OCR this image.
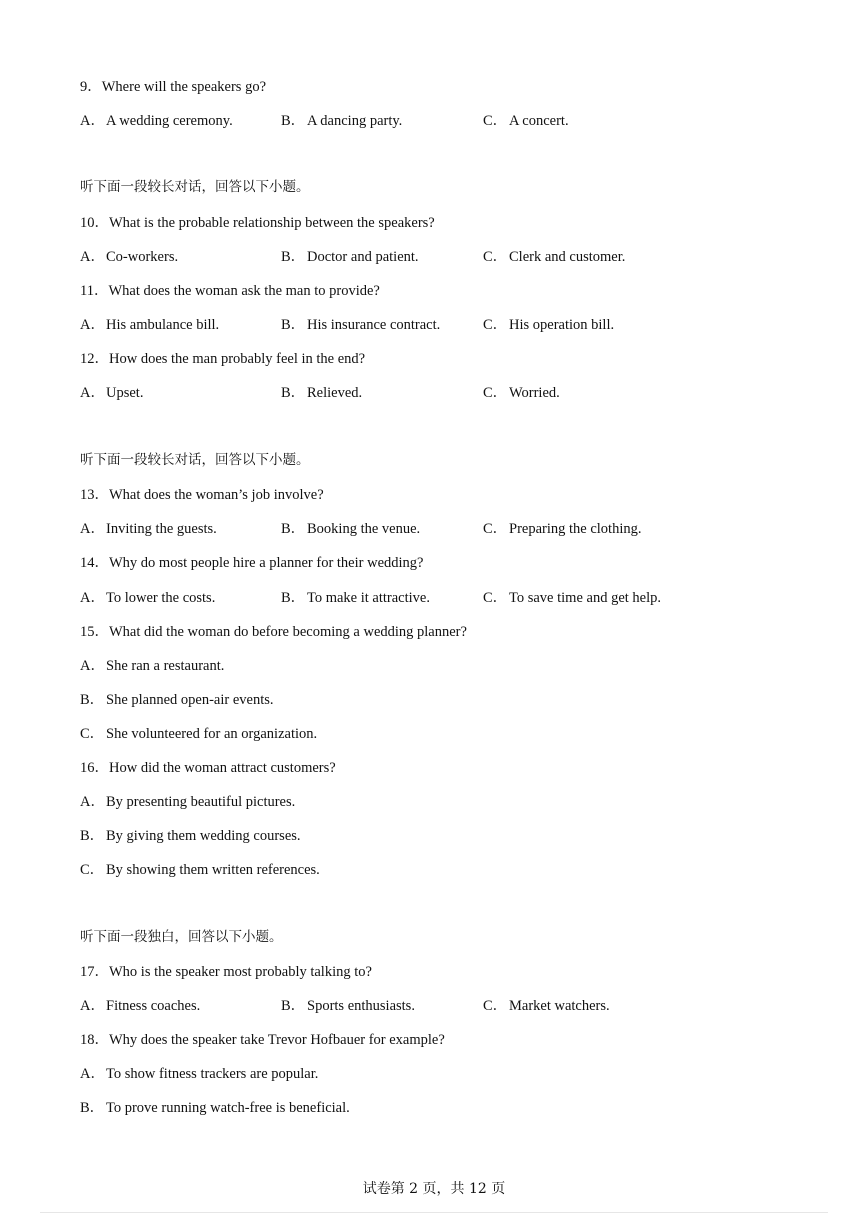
9．Where will the speakers go?
A．A wedding ceremony.	B． A dancing party.	C． A concert.
听下面一段较长对话，回答以下小题。
10．What is the probable relationship between the speakers?
A．Co-workers.	B． Doctor and patient.	C． Clerk and customer.
11．What does the woman ask the man to provide?
A．His ambulance bill.	B． His insurance contract.	C． His operation bill.
12．How does the man probably feel in the end?
A．Upset.	B． Relieved.	C． Worried.
听下面一段较长对话，回答以下小题。
13．What does the woman’s job involve?
A．Inviting the guests.	B． Booking the venue.	C． Preparing the clothing.
14．Why do most people hire a planner for their wedding?
A．To lower the costs.	B． To make it attractive.	C． To save time and get help.
15．What did the woman do before becoming a wedding planner?
A．She ran a restaurant.
B． She planned open-air events.
C． She volunteered for an organization.
16．How did the woman attract customers?
A．By presenting beautiful pictures.
B． By giving them wedding courses.
C． By showing them written references.
听下面一段独白，回答以下小题。
17．Who is the speaker most probably talking to?
A．Fitness coaches.	B． Sports enthusiasts.	C． Market watchers.
18．Why does the speaker take Trevor Hofbauer for example?
A．To show fitness trackers are popular.
B． To prove running watch-free is beneficial.
试卷第 2 页，共 12 页
